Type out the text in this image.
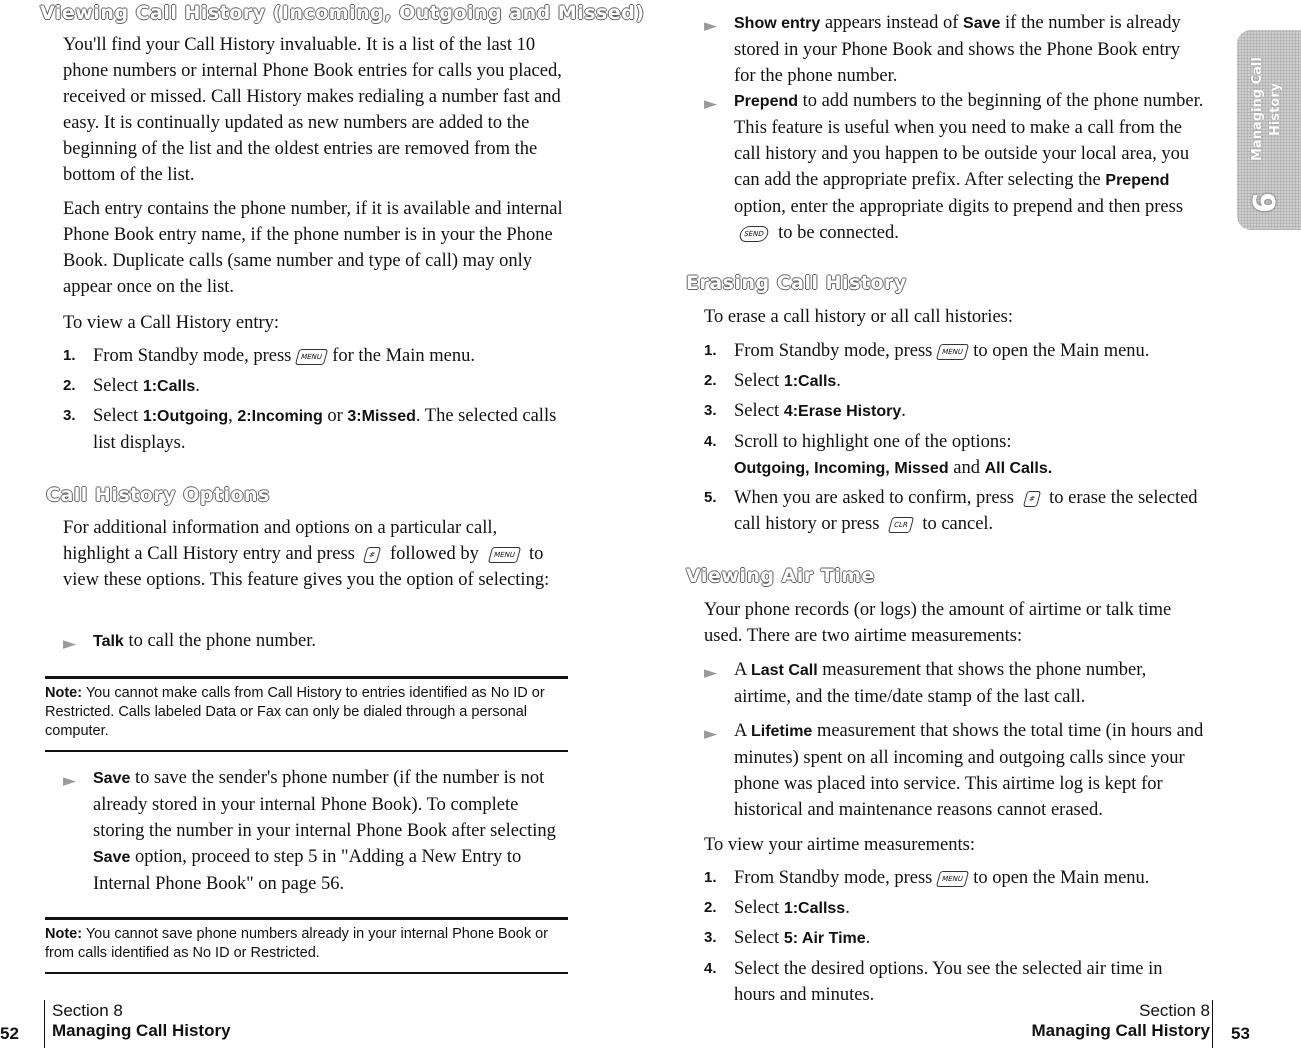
Viewing Call History (Incoming, Outgoing and Missed)

You'll find your Call History invaluable. It is a list of the last 10 phone numbers or internal Phone Book entries for calls you placed, received or missed. Call History makes redialing a number fast and easy. It is continually updated as new numbers are added to the beginning of the list and the oldest entries are removed from the bottom of the list.

Each entry contains the phone number, if it is available and internal Phone Book entry name, if the phone number is in your the Phone Book. Duplicate calls (same number and type of call) may only appear once on the list.

To view a Call History entry:

1. From Standby mode, press MENU for the Main menu.
2. Select 1:Calls.
3. Select 1:Outgoing, 2:Incoming or 3:Missed. The selected calls list displays.
Call History Options

For additional information and options on a particular call, highlight a Call History entry and press # followed by MENU to view these options. This feature gives you the option of selecting:

► Talk to call the phone number.
Note: You cannot make calls from Call History to entries identified as No ID or Restricted. Calls labeled Data or Fax can only be dialed through a personal computer.
► Save to save the sender's phone number (if the number is not already stored in your internal Phone Book). To complete storing the number in your internal Phone Book after selecting Save option, proceed to step 5 in "Adding a New Entry to Internal Phone Book" on page 56.
Note: You cannot save phone numbers already in your internal Phone Book or from calls identified as No ID or Restricted.
52
Section 8
Managing Call History
► Show entry appears instead of Save if the number is already stored in your Phone Book and shows the Phone Book entry for the phone number.
► Prepend to add numbers to the beginning of the phone number. This feature is useful when you need to make a call from the call history and you happen to be outside your local area, you can add the appropriate prefix. After selecting the Prepend option, enter the appropriate digits to prepend and then press SEND to be connected.
Erasing Call History

To erase a call history or all call histories:

1. From Standby mode, press MENU to open the Main menu.
2. Select 1:Calls.
3. Select 4:Erase History.
4. Scroll to highlight one of the options:
Outgoing, Incoming, Missed and All Calls.
5. When you are asked to confirm, press # to erase the selected call history or press CLR to cancel.
Viewing Air Time

Your phone records (or logs) the amount of airtime or talk time used. There are two airtime measurements:

► A Last Call measurement that shows the phone number, airtime, and the time/date stamp of the last call.
► A Lifetime measurement that shows the total time (in hours and minutes) spent on all incoming and outgoing calls since your phone was placed into service. This airtime log is kept for historical and maintenance reasons cannot erased.

To view your airtime measurements:

1. From Standby mode, press MENU to open the Main menu.
2. Select 1:Callss.
3. Select 5: Air Time.
4. Select the desired options. You see the selected air time in hours and minutes.
Managing Call History
6
Section 8
Managing Call History 53
